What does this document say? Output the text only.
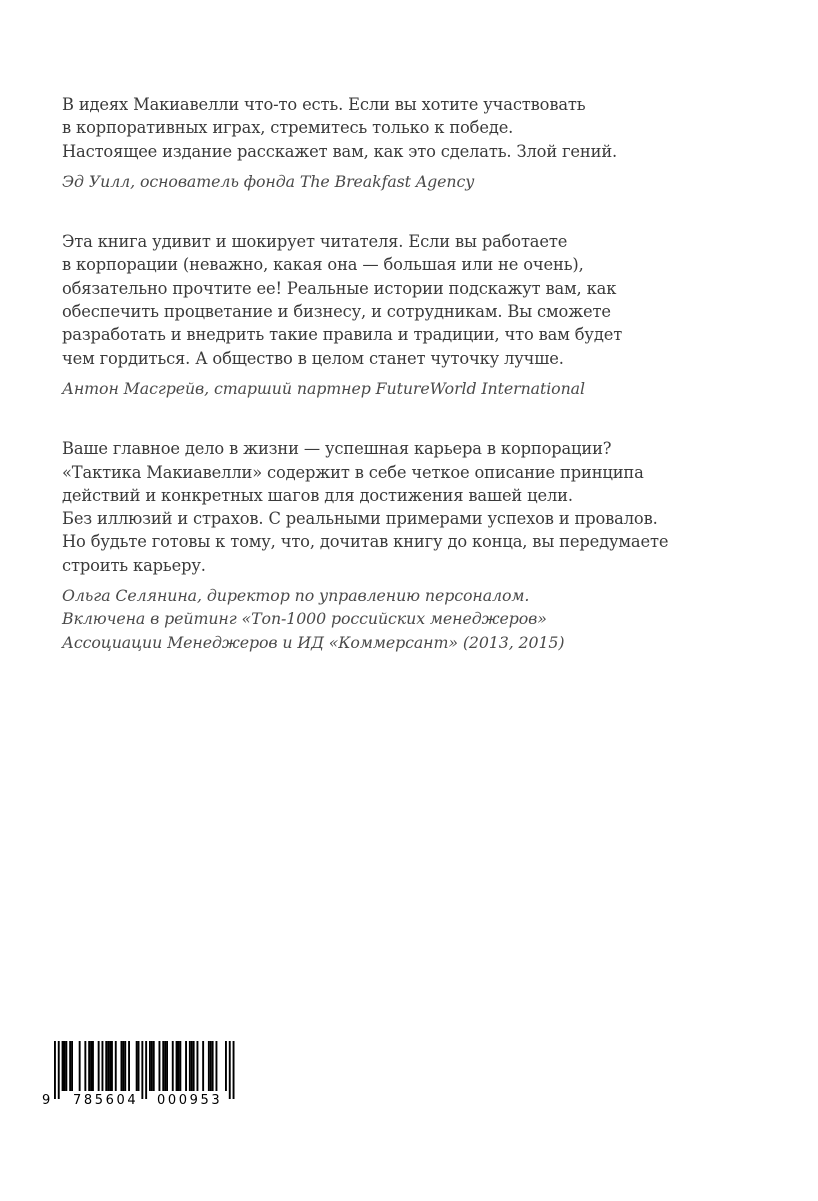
В идеях Макиавелли что-то есть. Если вы хотите участвовать
в корпоративных играх, стремитесь только к победе.
Настоящее издание расскажет вам, как это сделать. Злой гений.

Эд Уилл, основатель фонда The Breakfast Agency

Эта книга удивит и шокирует читателя. Если вы работаете
в корпорации (неважно, какая она — большая или не очень),
обязательно прочтите ее! Реальные истории подскажут вам, как
обеспечить процветание и бизнесу, и сотрудникам. Вы сможете
разработать и внедрить такие правила и традиции, что вам будет
чем гордиться. А общество в целом станет чуточку лучше.

Антон Масгрейв, старший партнер FutureWorld International

Ваше главное дело в жизни — успешная карьера в корпорации?
«Тактика Макиавелли» содержит в себе четкое описание принципа
действий и конкретных шагов для достижения вашей цели.
Без иллюзий и страхов. С реальными примерами успехов и провалов.
Но будьте готовы к тому, что, дочитав книгу до конца, вы передумаете
строить карьеру.

Ольга Селянина, директор по управлению персоналом.
Включена в рейтинг «Топ-1000 российских менеджеров»
Ассоциации Менеджеров и ИД «Коммерсант» (2013, 2015)

9 785604 000953
